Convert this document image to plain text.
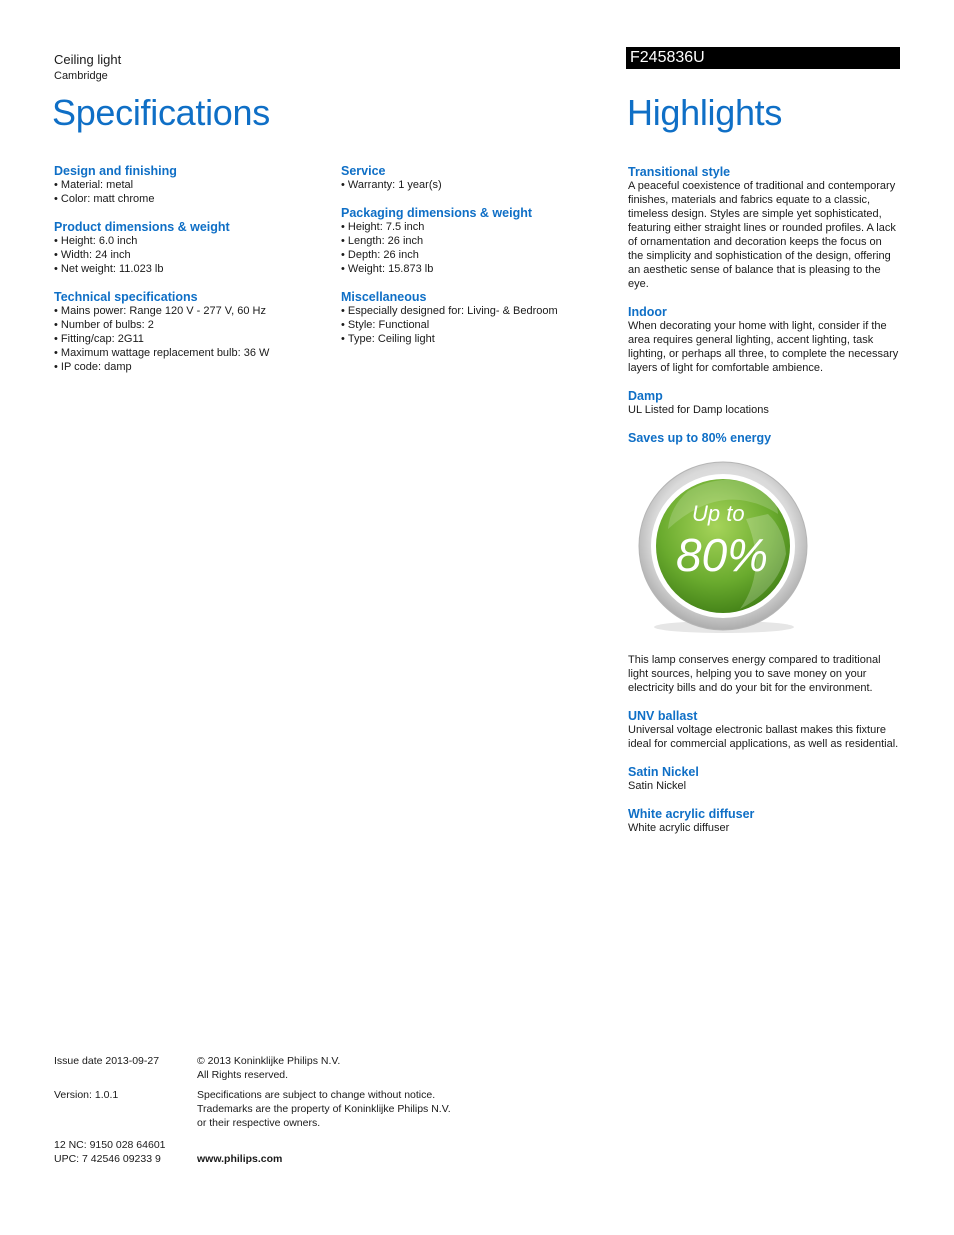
Ceiling light
Cambridge
Specifications
F245836U
Highlights
Design and finishing
• Material: metal
• Color: matt chrome
Product dimensions & weight
• Height: 6.0 inch
• Width: 24 inch
• Net weight: 11.023 lb
Technical specifications
• Mains power: Range 120 V - 277 V, 60 Hz
• Number of bulbs: 2
• Fitting/cap: 2G11
• Maximum wattage replacement bulb: 36 W
• IP code: damp
Service
• Warranty: 1 year(s)
Packaging dimensions & weight
• Height: 7.5 inch
• Length: 26 inch
• Depth: 26 inch
• Weight: 15.873 lb
Miscellaneous
• Especially designed for: Living- & Bedroom
• Style: Functional
• Type: Ceiling light
Transitional style
A peaceful coexistence of traditional and contemporary finishes, materials and fabrics equate to a classic, timeless design. Styles are simple yet sophisticated, featuring either straight lines or rounded profiles. A lack of ornamentation and decoration keeps the focus on the simplicity and sophistication of the design, offering an aesthetic sense of balance that is pleasing to the eye.
Indoor
When decorating your home with light, consider if the area requires general lighting, accent lighting, task lighting, or perhaps all three, to complete the necessary layers of light for comfortable ambience.
Damp
UL Listed for Damp locations
Saves up to 80% energy
Up to
80%
This lamp conserves energy compared to traditional light sources, helping you to save money on your electricity bills and do your bit for the environment.
UNV ballast
Universal voltage electronic ballast makes this fixture ideal for commercial applications, as well as residential.
Satin Nickel
Satin Nickel
White acrylic diffuser
White acrylic diffuser
Issue date 2013-09-27	© 2013 Koninklijke Philips N.V.
All Rights reserved.
Version: 1.0.1	Specifications are subject to change without notice.
Trademarks are the property of Koninklijke Philips N.V.
or their respective owners.
12 NC: 9150 028 64601
UPC: 7 42546 09233 9	www.philips.com
